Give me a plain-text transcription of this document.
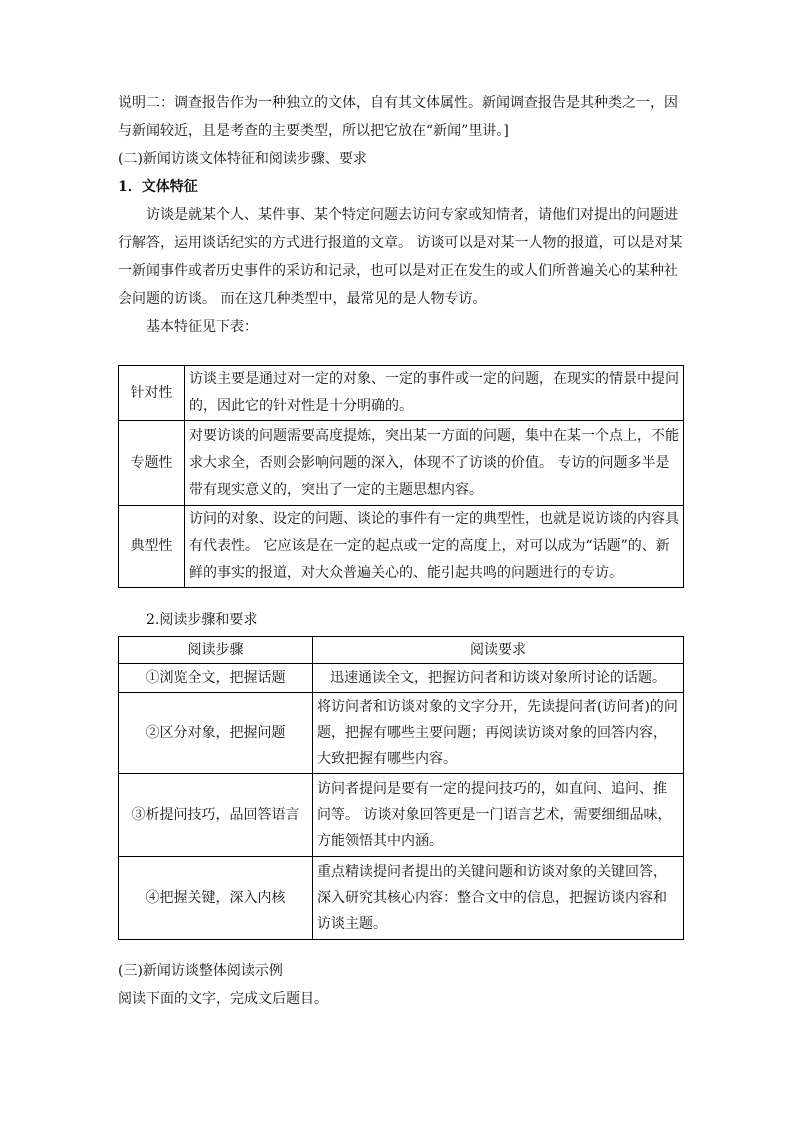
说明二：调查报告作为一种独立的文体，自有其文体属性。新闻调查报告是其种类之一，因与新闻较近，且是考查的主要类型，所以把它放在“新闻”里讲。]

(二)新闻访谈文体特征和阅读步骤、要求

1．文体特征

访谈是就某个人、某件事、某个特定问题去访问专家或知情者，请他们对提出的问题进行解答，运用谈话纪实的方式进行报道的文章。 访谈可以是对某一人物的报道，可以是对某一新闻事件或者历史事件的采访和记录，也可以是对正在发生的或人们所普遍关心的某种社会问题的访谈。 而在这几种类型中，最常见的是人物专访。

基本特征见下表：

针对性	访谈主要是通过对一定的对象、一定的事件或一定的问题，在现实的情景中提问的，因此它的针对性是十分明确的。
专题性	对要访谈的问题需要高度提炼，突出某一方面的问题，集中在某一个点上，不能求大求全，否则会影响问题的深入，体现不了访谈的价值。 专访的问题多半是带有现实意义的，突出了一定的主题思想内容。
典型性	访问的对象、设定的问题、谈论的事件有一定的典型性，也就是说访谈的内容具有代表性。 它应该是在一定的起点或一定的高度上，对可以成为“话题”的、新鲜的事实的报道，对大众普遍关心的、能引起共鸣的问题进行的专访。

2.阅读步骤和要求

阅读步骤	阅读要求
①浏览全文，把握话题	迅速通读全文，把握访问者和访谈对象所讨论的话题。
②区分对象，把握问题	将访问者和访谈对象的文字分开，先读提问者(访问者)的问题，把握有哪些主要问题；再阅读访谈对象的回答内容，大致把握有哪些内容。
③析提问技巧，品回答语言	访问者提问是要有一定的提问技巧的，如直问、追问、推问等。 访谈对象回答更是一门语言艺术，需要细细品味，方能领悟其中内涵。
④把握关键，深入内核	重点精读提问者提出的关键问题和访谈对象的关键回答，深入研究其核心内容：整合文中的信息，把握访谈内容和访谈主题。

(三)新闻访谈整体阅读示例

阅读下面的文字，完成文后题目。
